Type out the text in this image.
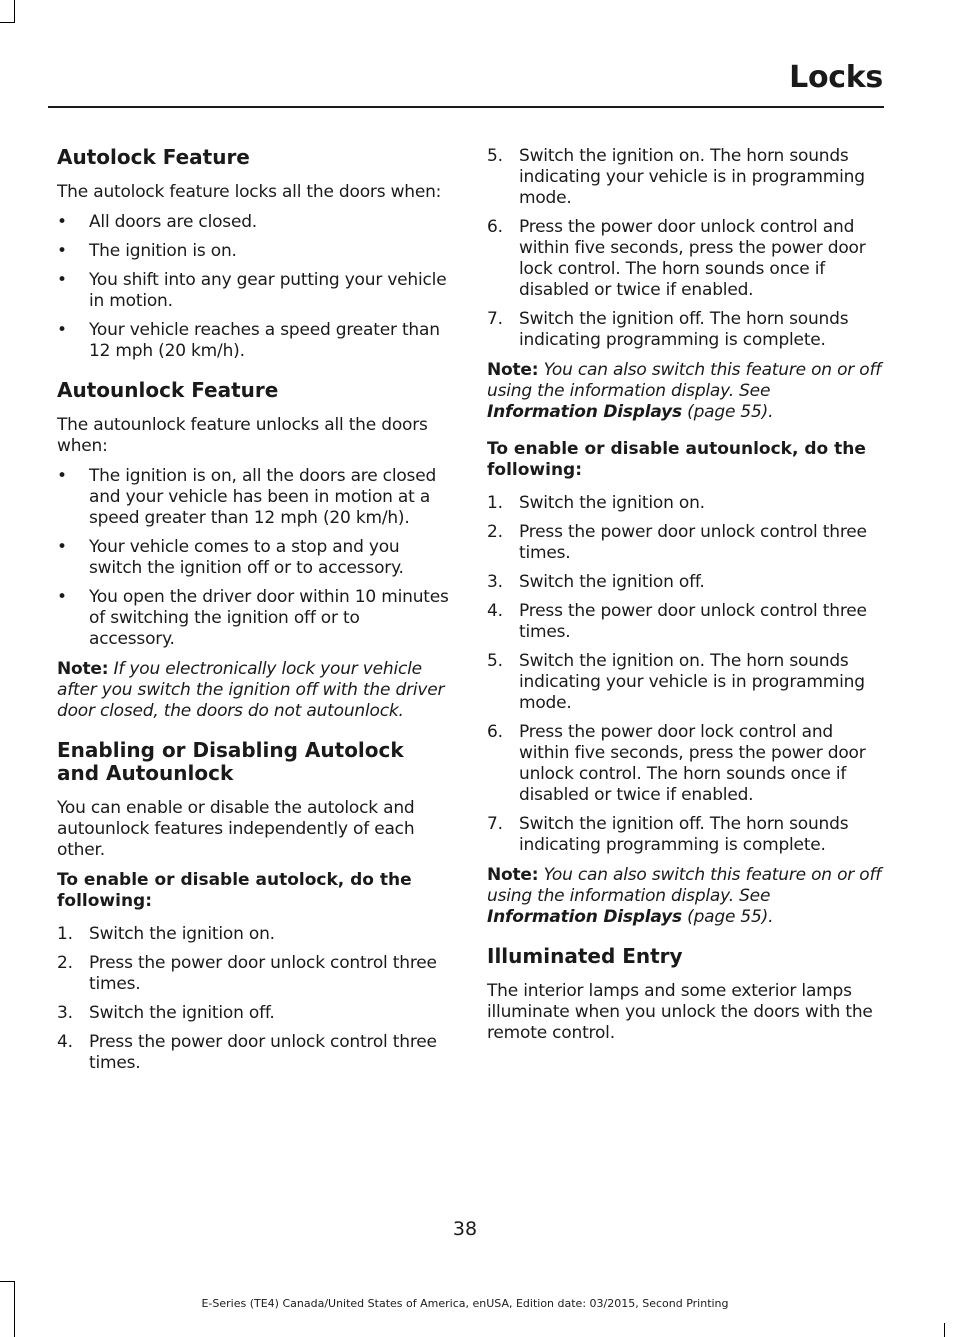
Locks
Autolock Feature

The autolock feature locks all the doors when:

• All doors are closed.
• The ignition is on.
• You shift into any gear putting your vehicle in motion.
• Your vehicle reaches a speed greater than 12 mph (20 km/h).
Autounlock Feature

The autounlock feature unlocks all the doors when:

• The ignition is on, all the doors are closed and your vehicle has been in motion at a speed greater than 12 mph (20 km/h).
• Your vehicle comes to a stop and you switch the ignition off or to accessory.
• You open the driver door within 10 minutes of switching the ignition off or to accessory.

Note: If you electronically lock your vehicle after you switch the ignition off with the driver door closed, the doors do not autounlock.

Enabling or Disabling Autolock and Autounlock

You can enable or disable the autolock and autounlock features independently of each other.

To enable or disable autolock, do the following:
1. Switch the ignition on.
2. Press the power door unlock control three times.
3. Switch the ignition off.
4. Press the power door unlock control three times.
5. Switch the ignition on. The horn sounds indicating your vehicle is in programming mode.
6. Press the power door unlock control and within five seconds, press the power door lock control. The horn sounds once if disabled or twice if enabled.
7. Switch the ignition off. The horn sounds indicating programming is complete.

Note: You can also switch this feature on or off using the information display. See Information Displays (page 55).

To enable or disable autounlock, do the following:
1. Switch the ignition on.
2. Press the power door unlock control three times.
3. Switch the ignition off.
4. Press the power door unlock control three times.
5. Switch the ignition on. The horn sounds indicating your vehicle is in programming mode.
6. Press the power door lock control and within five seconds, press the power door unlock control. The horn sounds once if disabled or twice if enabled.
7. Switch the ignition off. The horn sounds indicating programming is complete.

Note: You can also switch this feature on or off using the information display. See Information Displays (page 55).

Illuminated Entry

The interior lamps and some exterior lamps illuminate when you unlock the doors with the remote control.

38
E-Series (TE4) Canada/United States of America, enUSA, Edition date: 03/2015, Second Printing
